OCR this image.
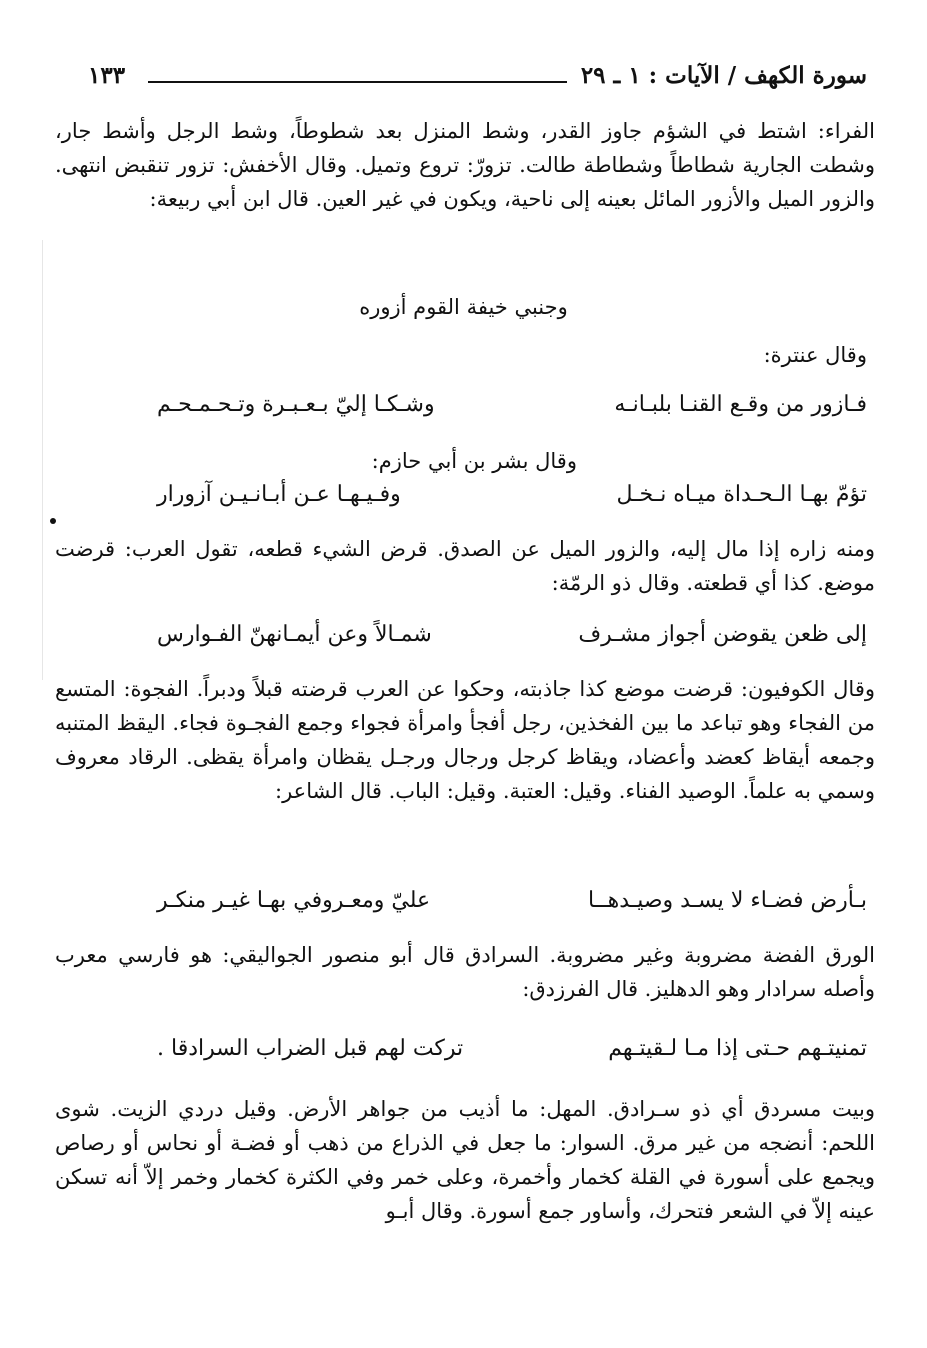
سورة الكهف / الآيات : ١ ـ ٢٩
١٣٣
الفراء: اشتط في الشؤم جاوز القدر، وشط المنزل بعد شطوطاً، وشط الرجل وأشط جار، وشطت الجارية شطاطاً وشطاطة طالت. تزورّ: تروع وتميل. وقال الأخفش: تزور تنقبض انتهى. والزور الميل والأزور المائل بعينه إلى ناحية، ويكون في غير العين. قال ابن أبي ربيعة:
وجنبي خيفة القوم أزوره
وقال عنترة:
فـازور من وقـع القنـا بلبـانـه
وشـكـا إليّ بـعـبـرة وتـحـمـحـم
وقال بشر بن أبي حازم:
تؤمّ بهـا الـحـداة ميـاه نـخـل
وفـيـهـا عـن أبـانـيـن آزورار
ومنه زاره إذا مال إليه، والزور الميل عن الصدق. قرض الشيء قطعه، تقول العرب: قرضت موضع. كذا أي قطعته. وقال ذو الرمّة:
إلى ظعن يقوضن أجواز مشـرف
شمـالاً وعن أيمـانهنّ الفـوارس
وقال الكوفيون: قرضت موضع كذا جاذبته، وحكوا عن العرب قرضته قبلاً ودبراً. الفجوة: المتسع من الفجاء وهو تباعد ما بين الفخذين، رجل أفجأ وامرأة فجواء وجمع الفجـوة فجاء. اليقظ المتنبه وجمعه أيقاظ كعضد وأعضاد، ويقاظ كرجل ورجال ورجـل يقظان وامرأة يقظى. الرقاد معروف وسمي به علماً. الوصيد الفناء. وقيل: العتبة. وقيل: الباب. قال الشاعر:
بـأرض فضـاء لا يسـد وصيـدهــا
عليّ ومعـروفي بهـا غيـر منكـر
الورق الفضة مضروبة وغير مضروبة. السرادق قال أبو منصور الجواليقي: هو فارسي معرب وأصله سرادار وهو الدهليز. قال الفرزدق:
تمنيتـهم حـتى إذا مـا لـقيتـهم
تركت لهم قبل الضراب السرادقا .
وبيت مسردق أي ذو سـرادق. المهل: ما أذيب من جواهر الأرض. وقيل دردي الزيت. شوى اللحم: أنضجه من غير مرق. السوار: ما جعل في الذراع من ذهب أو فضـة أو نحاس أو رصاص ويجمع على أسورة في القلة كخمار وأخمرة، وعلى خمر وفي الكثرة كخمار وخمر إلاّ أنه تسكن عينه إلاّ في الشعر فتحرك، وأساور جمع أسورة. وقال أبـو
